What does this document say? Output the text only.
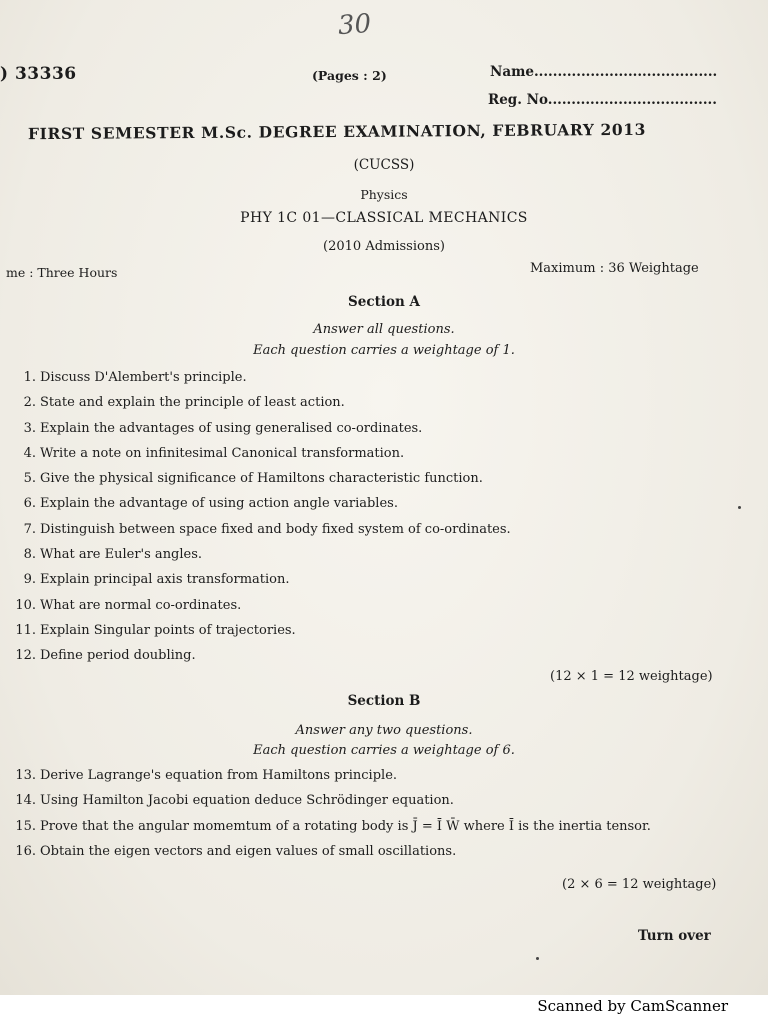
30
) 33336	(Pages : 2)	Name.......................................
Reg. No....................................
FIRST SEMESTER M.Sc. DEGREE EXAMINATION, FEBRUARY 2013
(CUCSS)
Physics
PHY 1C 01—CLASSICAL MECHANICS
(2010 Admissions)
me : Three Hours	Maximum : 36 Weightage
Section A
Answer all questions.
Each question carries a weightage of 1.
1. Discuss D'Alembert's principle.
2. State and explain the principle of least action.
3. Explain the advantages of using generalised co-ordinates.
4. Write a note on infinitesimal Canonical transformation.
5. Give the physical significance of Hamiltons characteristic function.
6. Explain the advantage of using action angle variables.
7. Distinguish between space fixed and body fixed system of co-ordinates.
8. What are Euler's angles.
9. Explain principal axis transformation.
10. What are normal co-ordinates.
11. Explain Singular points of trajectories.
12. Define period doubling.
(12 × 1 = 12 weightage)
Section B
Answer any two questions.
Each question carries a weightage of 6.
13. Derive Lagrange's equation from Hamiltons principle.
14. Using Hamilton Jacobi equation deduce Schrödinger equation.
15. Prove that the angular momemtum of a rotating body is J̄ = Ī W̄ where Ī is the inertia tensor.
16. Obtain the eigen vectors and eigen values of small oscillations.
(2 × 6 = 12 weightage)
Turn over
Scanned by CamScanner
